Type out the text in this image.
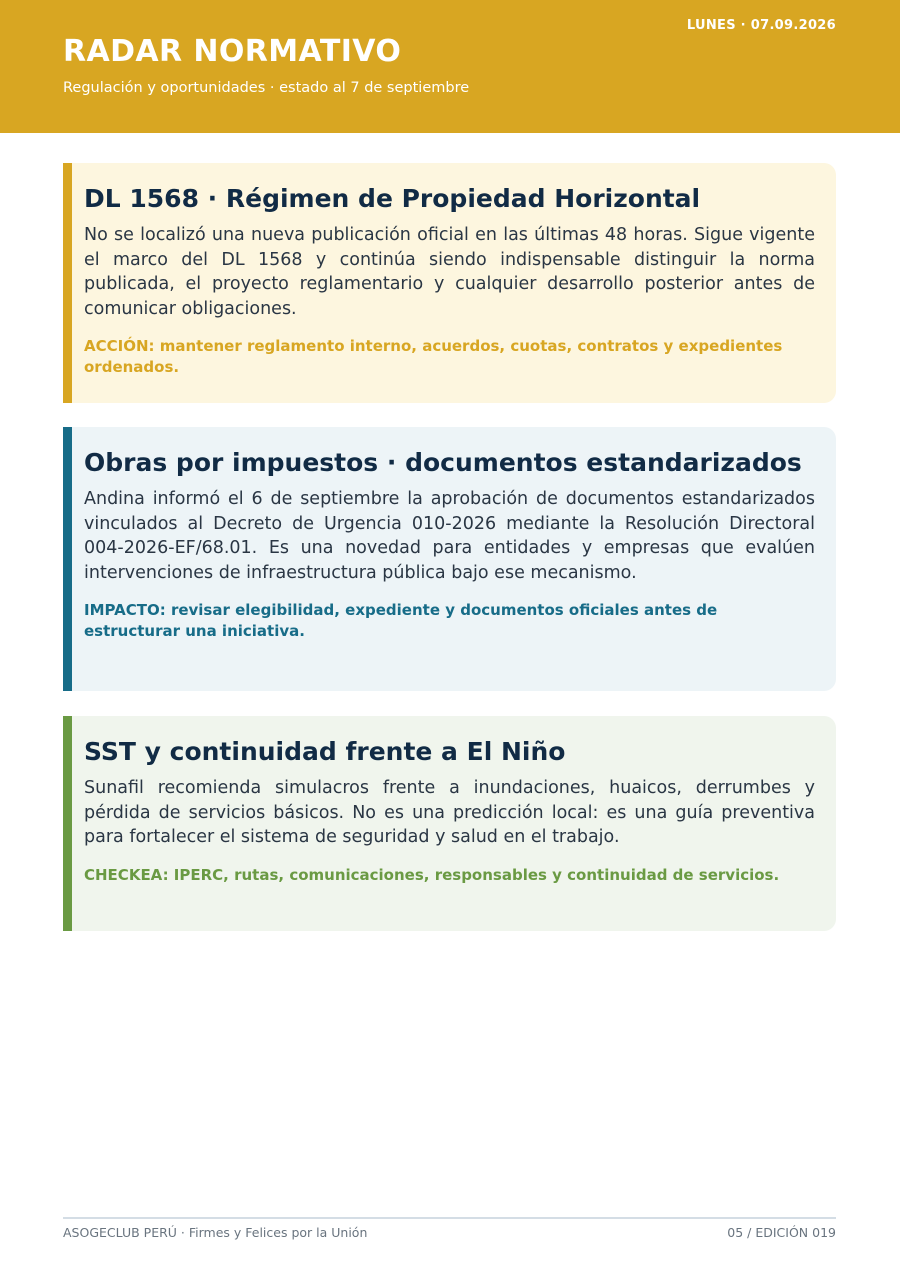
LUNES · 07.09.2026
RADAR NORMATIVO
Regulación y oportunidades · estado al 7 de septiembre
DL 1568 · Régimen de Propiedad Horizontal
No se localizó una nueva publicación oficial en las últimas 48 horas. Sigue vigente el marco del DL 1568 y continúa siendo indispensable distinguir la norma publicada, el proyecto reglamentario y cualquier desarrollo posterior antes de comunicar obligaciones.
ACCIÓN: mantener reglamento interno, acuerdos, cuotas, contratos y expedientes ordenados.
Obras por impuestos · documentos estandarizados
Andina informó el 6 de septiembre la aprobación de documentos estandarizados vinculados al Decreto de Urgencia 010-2026 mediante la Resolución Directoral 004-2026-EF/68.01. Es una novedad para entidades y empresas que evalúen intervenciones de infraestructura pública bajo ese mecanismo.
IMPACTO: revisar elegibilidad, expediente y documentos oficiales antes de estructurar una iniciativa.
SST y continuidad frente a El Niño
Sunafil recomienda simulacros frente a inundaciones, huaicos, derrumbes y pérdida de servicios básicos. No es una predicción local: es una guía preventiva para fortalecer el sistema de seguridad y salud en el trabajo.
CHECKEA: IPERC, rutas, comunicaciones, responsables y continuidad de servicios.
ASOGECLUB PERÚ · Firmes y Felices por la Unión	05 / EDICIÓN 019
